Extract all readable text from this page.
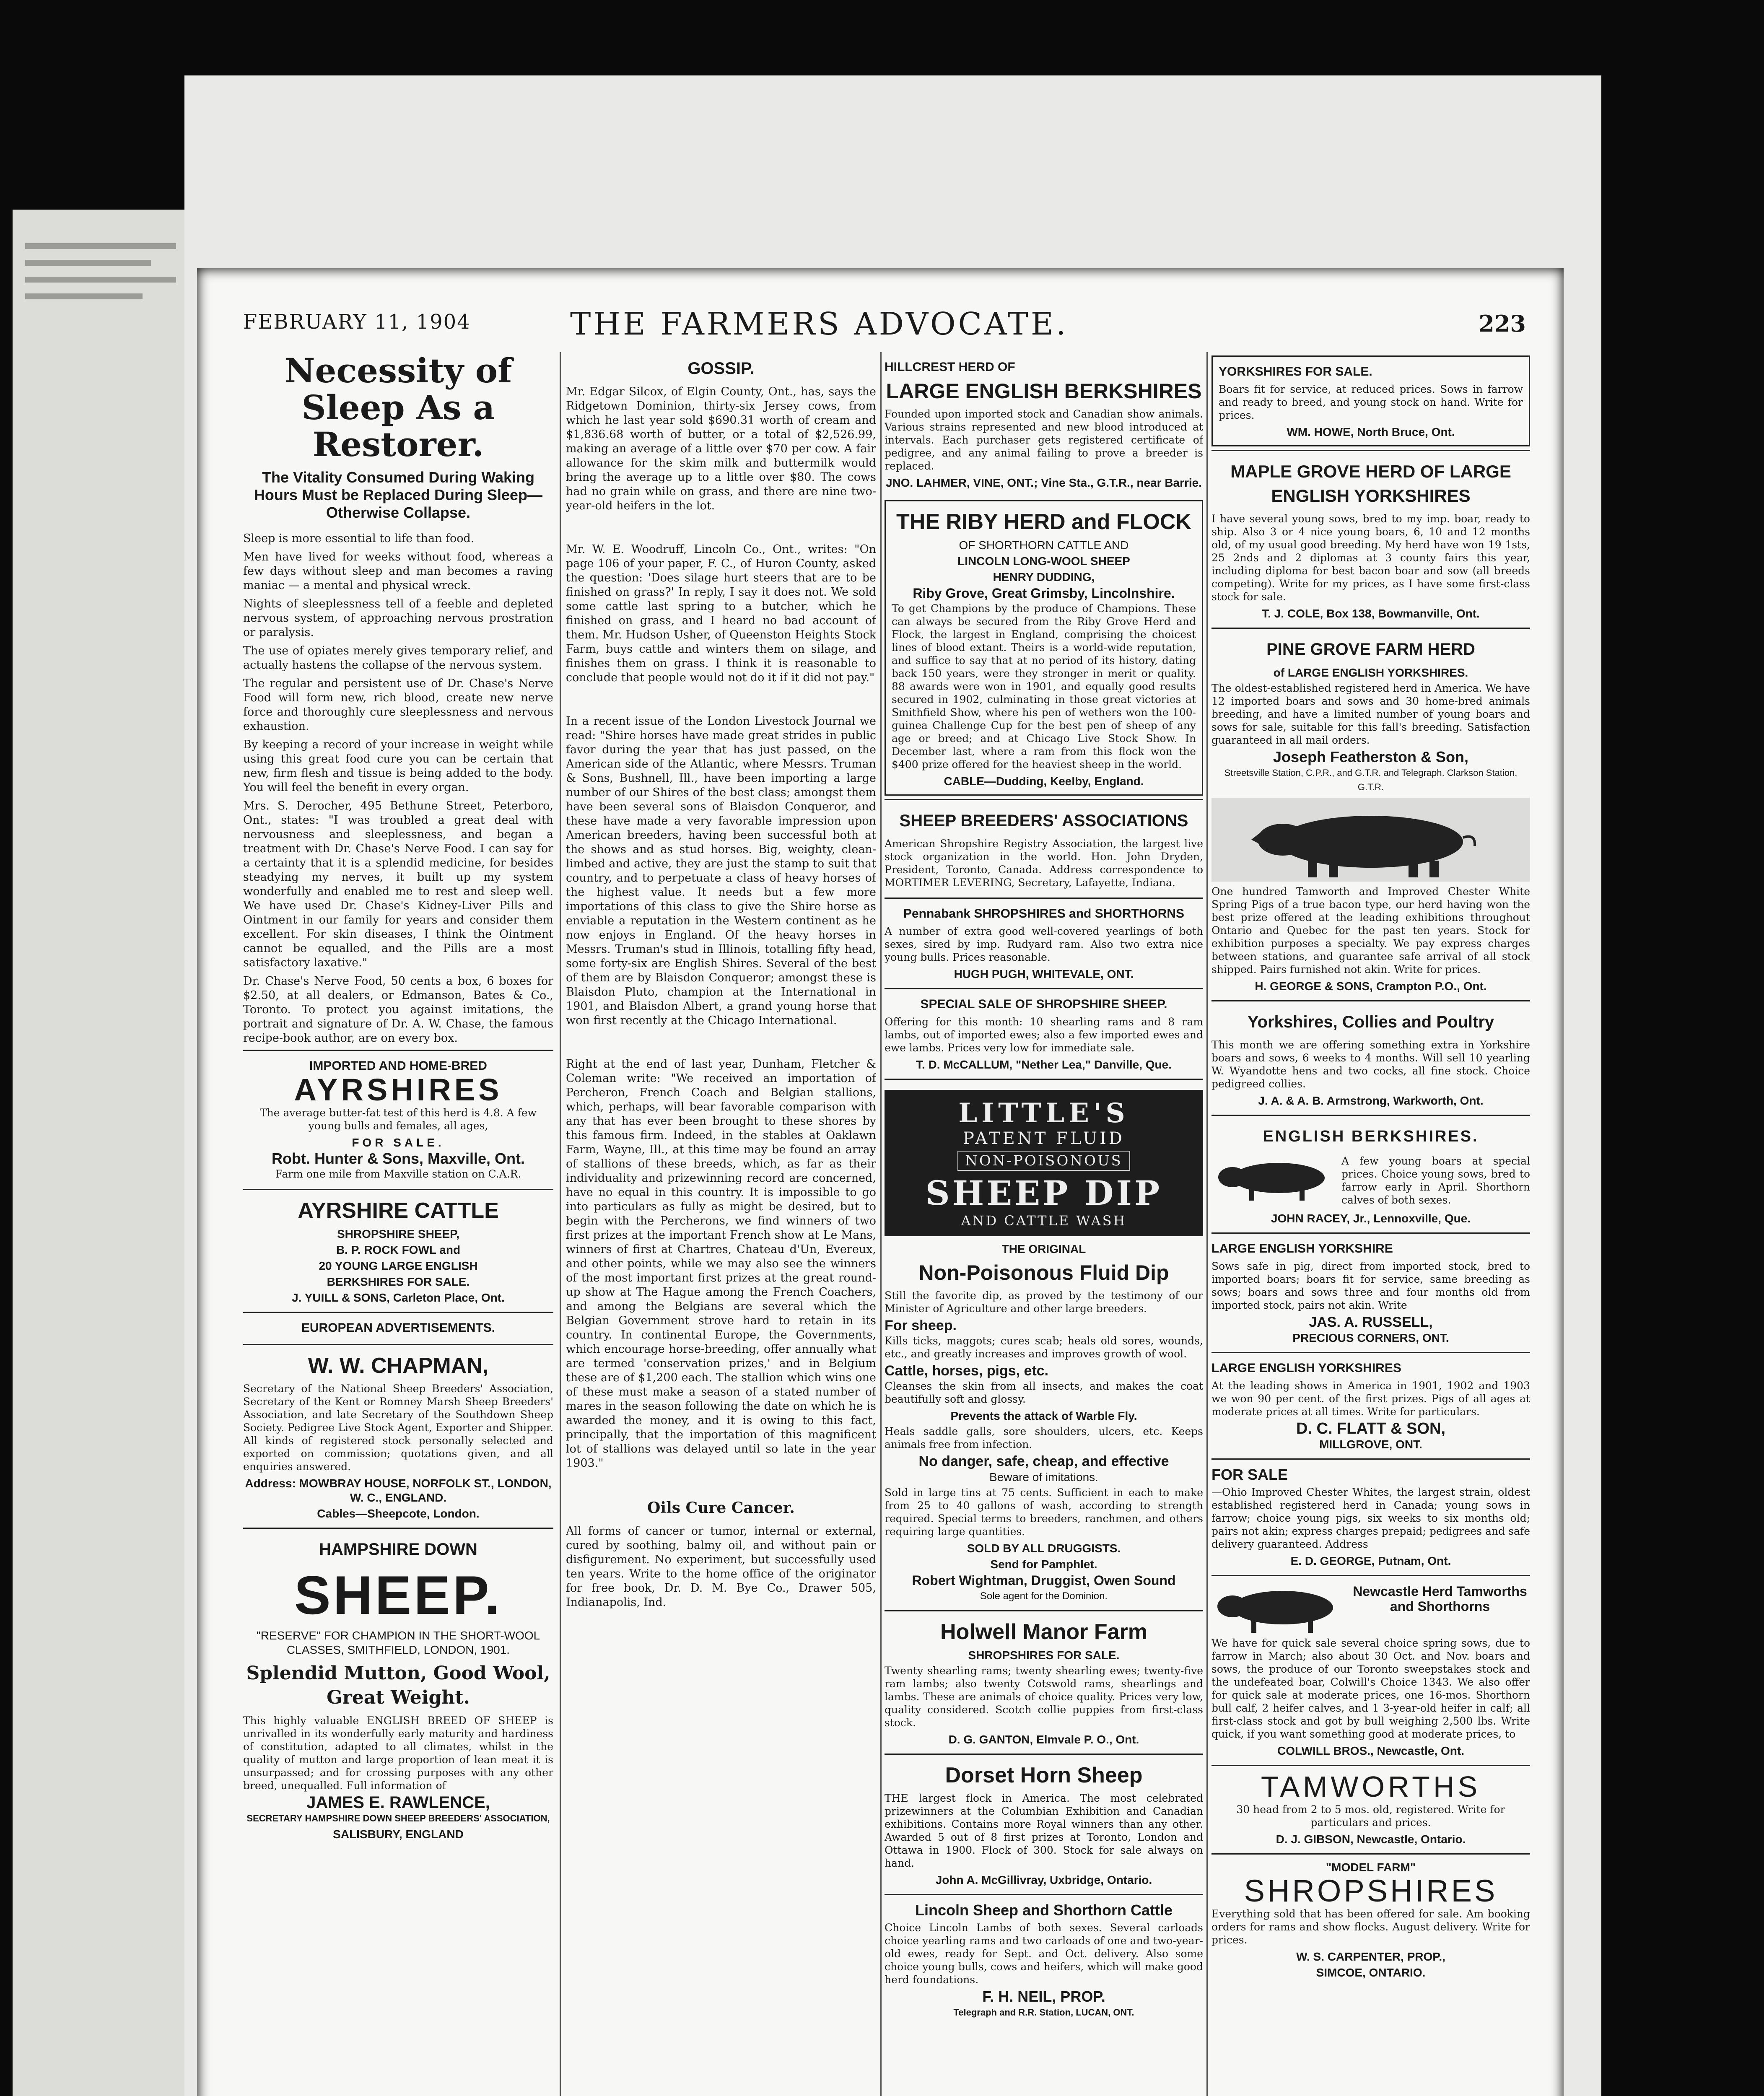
FEBRUARY 11, 1904	THE FARMERS ADVOCATE.	223
Necessity of Sleep As a Restorer.
The Vitality Consumed During Waking Hours Must be Replaced During Sleep—Otherwise Collapse.

Sleep is more essential to life than food.

Men have lived for weeks without food, whereas a few days without sleep and man becomes a raving maniac — a mental and physical wreck.

Nights of sleeplessness tell of a feeble and depleted nervous system, of approaching nervous prostration or paralysis.

The use of opiates merely gives temporary relief, and actually hastens the collapse of the nervous system.

The regular and persistent use of Dr. Chase's Nerve Food will form new, rich blood, create new nerve force and thoroughly cure sleeplessness and nervous exhaustion.

By keeping a record of your increase in weight while using this great food cure you can be certain that new, firm flesh and tissue is being added to the body. You will feel the benefit in every organ.

Mrs. S. Derocher, 495 Bethune Street, Peterboro, Ont., states: "I was troubled a great deal with nervousness and sleeplessness, and began a treatment with Dr. Chase's Nerve Food. I can say for a certainty that it is a splendid medicine, for besides steadying my nerves, it built up my system wonderfully and enabled me to rest and sleep well. We have used Dr. Chase's Kidney-Liver Pills and Ointment in our family for years and consider them excellent. For skin diseases, I think the Ointment cannot be equalled, and the Pills are a most satisfactory laxative."

Dr. Chase's Nerve Food, 50 cents a box, 6 boxes for $2.50, at all dealers, or Edmanson, Bates & Co., Toronto. To protect you against imitations, the portrait and signature of Dr. A. W. Chase, the famous recipe-book author, are on every box.

IMPORTED AND HOME-BRED
AYRSHIRES

The average butter-fat test of this herd is 4.8. A few young bulls and females, all ages,

FOR SALE.
Robt. Hunter & Sons, Maxville, Ont.
Farm one mile from Maxville station on C.A.R.
AYRSHIRE CATTLE
SHROPSHIRE SHEEP,
B. P. ROCK FOWL and
20 YOUNG LARGE ENGLISH
BERKSHIRES FOR SALE.
J. YUILL & SONS, Carleton Place, Ont.
EUROPEAN ADVERTISEMENTS.
W. W. CHAPMAN,

Secretary of the National Sheep Breeders' Association, Secretary of the Kent or Romney Marsh Sheep Breeders' Association, and late Secretary of the Southdown Sheep Society. Pedigree Live Stock Agent, Exporter and Shipper. All kinds of registered stock personally selected and exported on commission; quotations given, and all enquiries answered.

Address: MOWBRAY HOUSE, NORFOLK ST., LONDON, W. C., ENGLAND.
Cables—Sheepcote, London.
HAMPSHIRE DOWN
SHEEP.
"RESERVE" FOR CHAMPION IN THE SHORT-WOOL CLASSES, SMITHFIELD, LONDON, 1901.
Splendid Mutton, Good Wool, Great Weight.

This highly valuable ENGLISH BREED OF SHEEP is unrivalled in its wonderfully early maturity and hardiness of constitution, adapted to all climates, whilst in the quality of mutton and large proportion of lean meat it is unsurpassed; and for crossing purposes with any other breed, unequalled. Full information of

JAMES E. RAWLENCE,
SECRETARY HAMPSHIRE DOWN SHEEP BREEDERS' ASSOCIATION,
SALISBURY, ENGLAND
GOSSIP.

Mr. Edgar Silcox, of Elgin County, Ont., has, says the Ridgetown Dominion, thirty-six Jersey cows, from which he last year sold $690.31 worth of cream and $1,836.68 worth of butter, or a total of $2,526.99, making an average of a little over $70 per cow. A fair allowance for the skim milk and buttermilk would bring the average up to a little over $80. The cows had no grain while on grass, and there are nine two-year-old heifers in the lot.

Mr. W. E. Woodruff, Lincoln Co., Ont., writes: "On page 106 of your paper, F. C., of Huron County, asked the question: 'Does silage hurt steers that are to be finished on grass?' In reply, I say it does not. We sold some cattle last spring to a butcher, which he finished on grass, and I heard no bad account of them. Mr. Hudson Usher, of Queenston Heights Stock Farm, buys cattle and winters them on silage, and finishes them on grass. I think it is reasonable to conclude that people would not do it if it did not pay."

In a recent issue of the London Livestock Journal we read: "Shire horses have made great strides in public favor during the year that has just passed, on the American side of the Atlantic, where Messrs. Truman & Sons, Bushnell, Ill., have been importing a large number of our Shires of the best class; amongst them have been several sons of Blaisdon Conqueror, and these have made a very favorable impression upon American breeders, having been successful both at the shows and as stud horses. Big, weighty, clean-limbed and active, they are just the stamp to suit that country, and to perpetuate a class of heavy horses of the highest value. It needs but a few more importations of this class to give the Shire horse as enviable a reputation in the Western continent as he now enjoys in England. Of the heavy horses in Messrs. Truman's stud in Illinois, totalling fifty head, some forty-six are English Shires. Several of the best of them are by Blaisdon Conqueror; amongst these is Blaisdon Pluto, champion at the International in 1901, and Blaisdon Albert, a grand young horse that won first recently at the Chicago International.

Right at the end of last year, Dunham, Fletcher & Coleman write: "We received an importation of Percheron, French Coach and Belgian stallions, which, perhaps, will bear favorable comparison with any that has ever been brought to these shores by this famous firm. Indeed, in the stables at Oaklawn Farm, Wayne, Ill., at this time may be found an array of stallions of these breeds, which, as far as their individuality and prizewinning record are concerned, have no equal in this country. It is impossible to go into particulars as fully as might be desired, but to begin with the Percherons, we find winners of two first prizes at the important French show at Le Mans, winners of first at Chartres, Chateau d'Un, Evereux, and other points, while we may also see the winners of the most important first prizes at the great round-up show at The Hague among the French Coachers, and among the Belgians are several which the Belgian Government strove hard to retain in its country. In continental Europe, the Governments, which encourage horse-breeding, offer annually what are termed 'conservation prizes,' and in Belgium these are of $1,200 each. The stallion which wins one of these must make a season of a stated number of mares in the season following the date on which he is awarded the money, and it is owing to this fact, principally, that the importation of this magnificent lot of stallions was delayed until so late in the year 1903."

Oils Cure Cancer.

All forms of cancer or tumor, internal or external, cured by soothing, balmy oil, and without pain or disfigurement. No experiment, but successfully used ten years. Write to the home office of the originator for free book, Dr. D. M. Bye Co., Drawer 505, Indianapolis, Ind.

HILLCREST HERD OF
LARGE ENGLISH BERKSHIRES

Founded upon imported stock and Canadian show animals. Various strains represented and new blood introduced at intervals. Each purchaser gets registered certificate of pedigree, and any animal failing to prove a breeder is replaced.

JNO. LAHMER, VINE, ONT.; Vine Sta., G.T.R., near Barrie.
THE RIBY HERD and FLOCK
OF SHORTHORN CATTLE AND
LINCOLN LONG-WOOL SHEEP
HENRY DUDDING,
Riby Grove, Great Grimsby, Lincolnshire.

To get Champions by the produce of Champions. These can always be secured from the Riby Grove Herd and Flock, the largest in England, comprising the choicest lines of blood extant. Theirs is a world-wide reputation, and suffice to say that at no period of its history, dating back 150 years, were they stronger in merit or quality. 88 awards were won in 1901, and equally good results secured in 1902, culminating in those great victories at Smithfield Show, where his pen of wethers won the 100-guinea Challenge Cup for the best pen of sheep of any age or breed; and at Chicago Live Stock Show. In December last, where a ram from this flock won the $400 prize offered for the heaviest sheep in the world.

CABLE—Dudding, Keelby, England.
SHEEP BREEDERS' ASSOCIATIONS

American Shropshire Registry Association, the largest live stock organization in the world. Hon. John Dryden, President, Toronto, Canada. Address correspondence to MORTIMER LEVERING, Secretary, Lafayette, Indiana.

Pennabank SHROPSHIRES and SHORTHORNS

A number of extra good well-covered yearlings of both sexes, sired by imp. Rudyard ram. Also two extra nice young bulls. Prices reasonable.

HUGH PUGH, WHITEVALE, ONT.
SPECIAL SALE OF SHROPSHIRE SHEEP.

Offering for this month: 10 shearling rams and 8 ram lambs, out of imported ewes; also a few imported ewes and ewe lambs. Prices very low for immediate sale.

T. D. McCALLUM, "Nether Lea," Danville, Que.
LITTLE'S
PATENT FLUID
NON-POISONOUS
SHEEP DIP
AND CATTLE WASH
THE ORIGINAL
Non-Poisonous Fluid Dip

Still the favorite dip, as proved by the testimony of our Minister of Agriculture and other large breeders.

For sheep.

Kills ticks, maggots; cures scab; heals old sores, wounds, etc., and greatly increases and improves growth of wool.

Cattle, horses, pigs, etc.

Cleanses the skin from all insects, and makes the coat beautifully soft and glossy.

Prevents the attack of Warble Fly.

Heals saddle galls, sore shoulders, ulcers, etc. Keeps animals free from infection.

No danger, safe, cheap, and effective
Beware of imitations.

Sold in large tins at 75 cents. Sufficient in each to make from 25 to 40 gallons of wash, according to strength required. Special terms to breeders, ranchmen, and others requiring large quantities.

SOLD BY ALL DRUGGISTS.
Send for Pamphlet.
Robert Wightman, Druggist, Owen Sound
Sole agent for the Dominion.
Holwell Manor Farm
SHROPSHIRES FOR SALE.

Twenty shearling rams; twenty shearling ewes; twenty-five ram lambs; also twenty Cotswold rams, shearlings and lambs. These are animals of choice quality. Prices very low, quality considered. Scotch collie puppies from first-class stock.

D. G. GANTON, Elmvale P. O., Ont.
Dorset Horn Sheep

THE largest flock in America. The most celebrated prizewinners at the Columbian Exhibition and Canadian exhibitions. Contains more Royal winners than any other. Awarded 5 out of 8 first prizes at Toronto, London and Ottawa in 1900. Flock of 300. Stock for sale always on hand.

John A. McGillivray, Uxbridge, Ontario.
Lincoln Sheep and Shorthorn Cattle

Choice Lincoln Lambs of both sexes. Several carloads choice yearling rams and two carloads of one and two-year-old ewes, ready for Sept. and Oct. delivery. Also some choice young bulls, cows and heifers, which will make good herd foundations.

F. H. NEIL, PROP.
Telegraph and R.R. Station, LUCAN, ONT.
YORKSHIRES FOR SALE.

Boars fit for service, at reduced prices. Sows in farrow and ready to breed, and young stock on hand. Write for prices.

WM. HOWE, North Bruce, Ont.
MAPLE GROVE HERD OF LARGE ENGLISH YORKSHIRES

I have several young sows, bred to my imp. boar, ready to ship. Also 3 or 4 nice young boars, 6, 10 and 12 months old, of my usual good breeding. My herd have won 19 1sts, 25 2nds and 2 diplomas at 3 county fairs this year, including diploma for best bacon boar and sow (all breeds competing). Write for my prices, as I have some first-class stock for sale.

T. J. COLE, Box 138, Bowmanville, Ont.
PINE GROVE FARM HERD
of LARGE ENGLISH YORKSHIRES.

The oldest-established registered herd in America. We have 12 imported boars and sows and 30 home-bred animals breeding, and have a limited number of young boars and sows for sale, suitable for this fall's breeding. Satisfaction guaranteed in all mail orders.

Joseph Featherston & Son,
Streetsville Station, C.P.R., and G.T.R. and Telegraph. Clarkson Station, G.T.R.

One hundred Tamworth and Improved Chester White Spring Pigs of a true bacon type, our herd having won the best prize offered at the leading exhibitions throughout Ontario and Quebec for the past ten years. Stock for exhibition purposes a specialty. We pay express charges between stations, and guarantee safe arrival of all stock shipped. Pairs furnished not akin. Write for prices.

H. GEORGE & SONS, Crampton P.O., Ont.
Yorkshires, Collies and Poultry

This month we are offering something extra in Yorkshire boars and sows, 6 weeks to 4 months. Will sell 10 yearling W. Wyandotte hens and two cocks, all fine stock. Choice pedigreed collies.

J. A. & A. B. Armstrong, Warkworth, Ont.
ENGLISH BERKSHIRES.

A few young boars at special prices. Choice young sows, bred to farrow early in April. Shorthorn calves of both sexes.

JOHN RACEY, Jr., Lennoxville, Que.
LARGE ENGLISH YORKSHIRE

Sows safe in pig, direct from imported stock, bred to imported boars; boars fit for service, same breeding as sows; boars and sows three and four months old from imported stock, pairs not akin. Write

JAS. A. RUSSELL,
PRECIOUS CORNERS, ONT.
LARGE ENGLISH YORKSHIRES

At the leading shows in America in 1901, 1902 and 1903 we won 90 per cent. of the first prizes. Pigs of all ages at moderate prices at all times. Write for particulars.

D. C. FLATT & SON,
MILLGROVE, ONT.
FOR SALE

—Ohio Improved Chester Whites, the largest strain, oldest established registered herd in Canada; young sows in farrow; choice young pigs, six weeks to six months old; pairs not akin; express charges prepaid; pedigrees and safe delivery guaranteed. Address

E. D. GEORGE, Putnam, Ont.
Newcastle Herd Tamworths and Shorthorns

We have for quick sale several choice spring sows, due to farrow in March; also about 30 Oct. and Nov. boars and sows, the produce of our Toronto sweepstakes stock and the undefeated boar, Colwill's Choice 1343. We also offer for quick sale at moderate prices, one 16-mos. Shorthorn bull calf, 2 heifer calves, and 1 3-year-old heifer in calf; all first-class stock and got by bull weighing 2,500 lbs. Write quick, if you want something good at moderate prices, to

COLWILL BROS., Newcastle, Ont.
TAMWORTHS

30 head from 2 to 5 mos. old, registered. Write for particulars and prices.

D. J. GIBSON, Newcastle, Ontario.
"MODEL FARM"
SHROPSHIRES

Everything sold that has been offered for sale. Am booking orders for rams and show flocks. August delivery. Write for prices.

W. S. CARPENTER, PROP.,
SIMCOE, ONTARIO.
